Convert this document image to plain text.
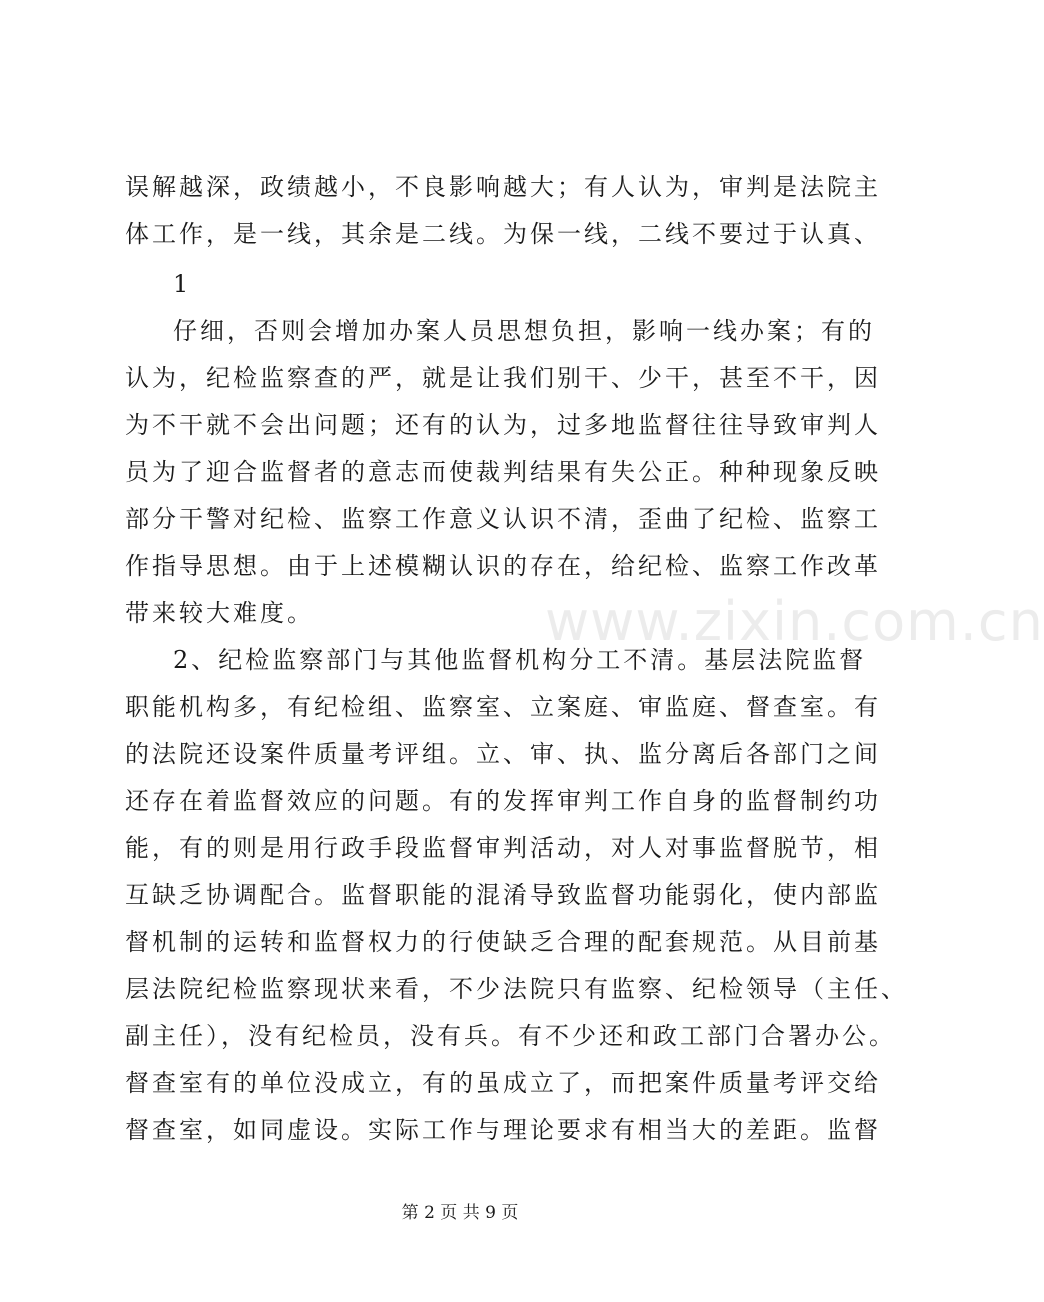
误解越深，政绩越小，不良影响越大；有人认为，审判是法院主
体工作，是一线，其余是二线。为保一线，二线不要过于认真、
1
仔细，否则会增加办案人员思想负担，影响一线办案；有的
认为，纪检监察查的严，就是让我们别干、少干，甚至不干，因
为不干就不会出问题；还有的认为，过多地监督往往导致审判人
员为了迎合监督者的意志而使裁判结果有失公正。种种现象反映
部分干警对纪检、监察工作意义认识不清，歪曲了纪检、监察工
作指导思想。由于上述模糊认识的存在，给纪检、监察工作改革
带来较大难度。
2、纪检监察部门与其他监督机构分工不清。基层法院监督
职能机构多，有纪检组、监察室、立案庭、审监庭、督查室。有
的法院还设案件质量考评组。立、审、执、监分离后各部门之间
还存在着监督效应的问题。有的发挥审判工作自身的监督制约功
能，有的则是用行政手段监督审判活动，对人对事监督脱节，相
互缺乏协调配合。监督职能的混淆导致监督功能弱化，使内部监
督机制的运转和监督权力的行使缺乏合理的配套规范。从目前基
层法院纪检监察现状来看，不少法院只有监察、纪检领导（主任、
副主任），没有纪检员，没有兵。有不少还和政工部门合署办公。
督查室有的单位没成立，有的虽成立了，而把案件质量考评交给
督查室，如同虚设。实际工作与理论要求有相当大的差距。监督
www.zixin.com.cn
第 2 页 共 9 页
